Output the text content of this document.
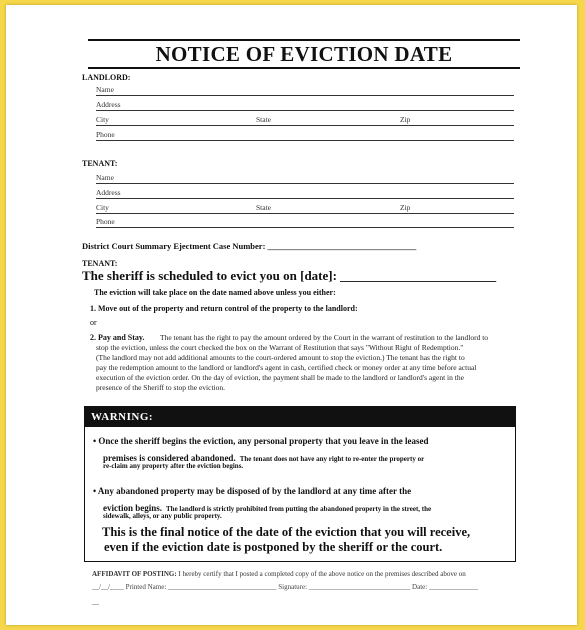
NOTICE OF EVICTION DATE
LANDLORD:
Name
Address
City	State	Zip
Phone
TENANT:
Name
Address
City	State	Zip
Phone
District Court Summary Ejectment Case Number: ___________________________________
TENANT:
The sheriff is scheduled to evict you on [date]: ________________________
The eviction will take place on the date named above unless you either:
1. Move out of the property and return control of the property to the landlord:
or
2. Pay and Stay. The tenant has the right to pay the amount ordered by the Court in the warrant of restitution to the landlord to
stop the eviction, unless the court checked the box on the Warrant of Restitution that says "Without Right of Redemption."
(The landlord may not add additional amounts to the court-ordered amount to stop the eviction.) The tenant has the right to
pay the redemption amount to the landlord or landlord's agent in cash, certified check or money order at any time before actual
execution of the eviction order. On the day of eviction, the payment shall be made to the landlord or landlord's agent in the
presence of the Sheriff to stop the eviction.
WARNING:
• Once the sheriff begins the eviction, any personal property that you leave in the leased
premises is considered abandoned. The tenant does not have any right to re-enter the property or
re-claim any property after the eviction begins.
• Any abandoned property may be disposed of by the landlord at any time after the
eviction begins. The landlord is strictly prohibited from putting the abandoned property in the street, the
sidewalk, alleys, or any public property.
This is the final notice of the date of the eviction that you will receive,
even if the eviction date is postponed by the sheriff or the court.
AFFIDAVIT OF POSTING: I hereby certify that I posted a completed copy of the above notice on the premises described above on
__/__/____ Printed Name: _______________________________ Signature: _____________________________ Date: ______________
__
